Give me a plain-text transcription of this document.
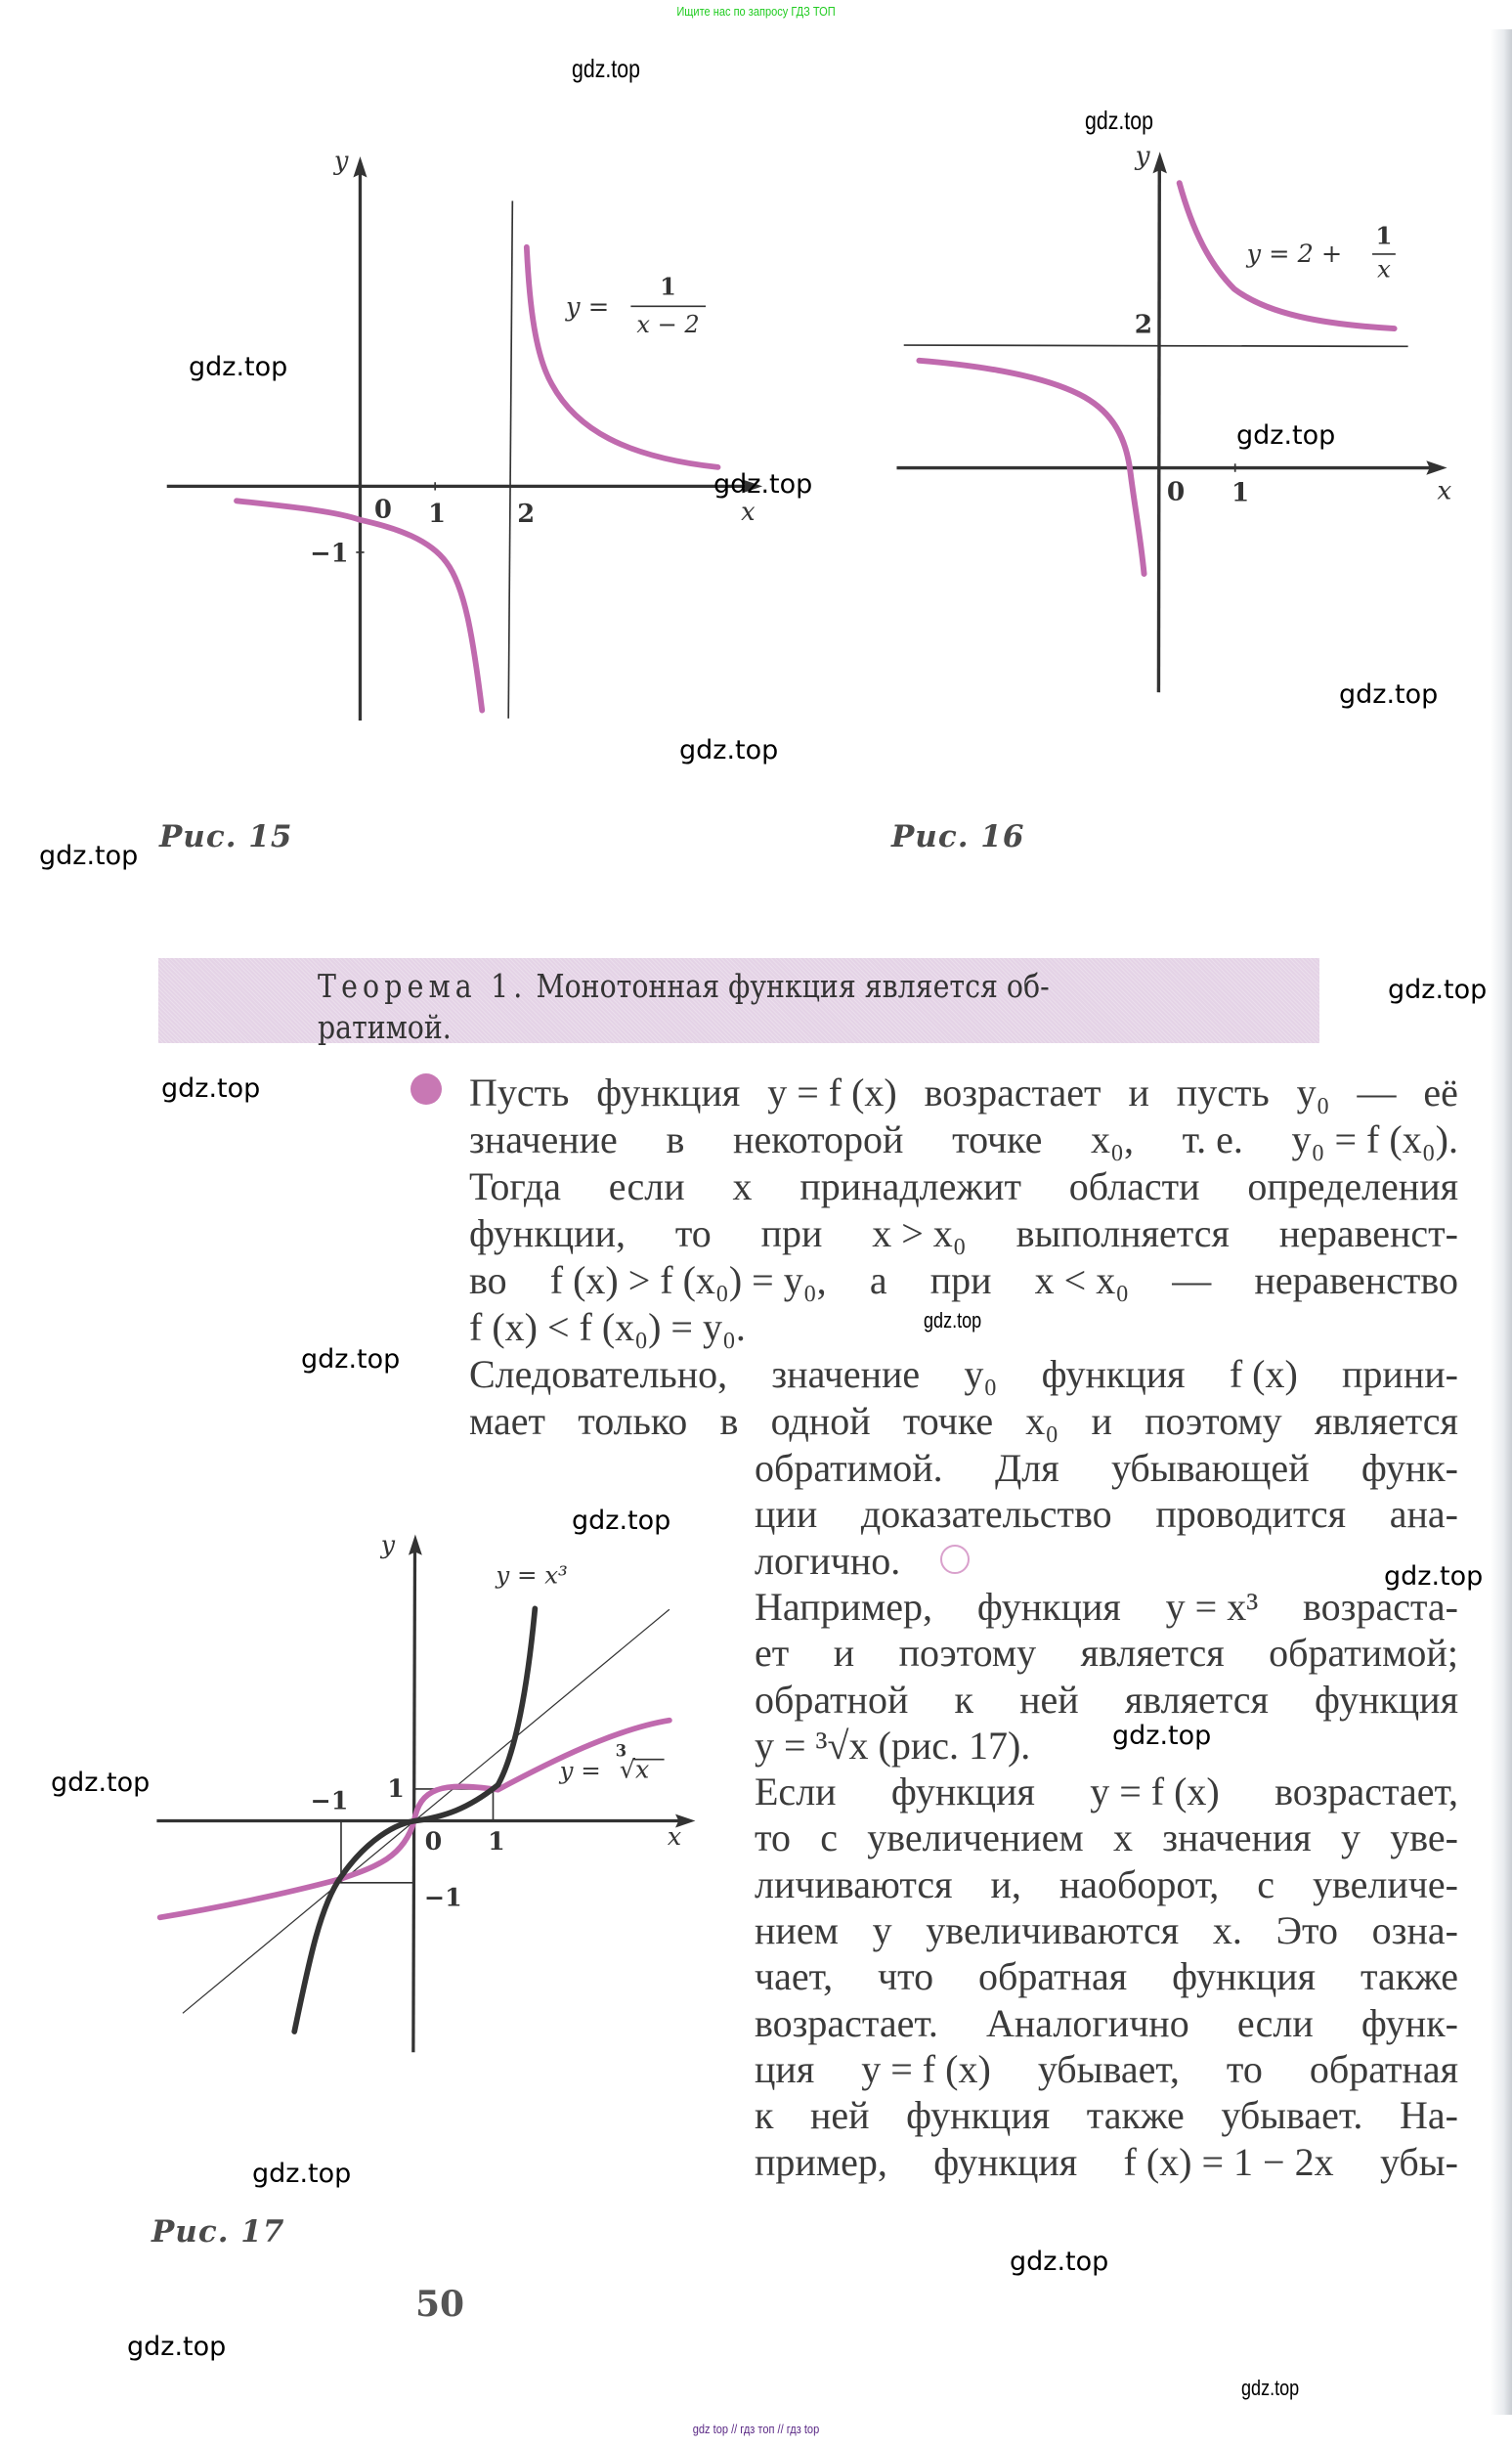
Ищите нас по запросу ГДЗ ТОП
y
x
0 1 2
−1
y =
1
x − 2
Рис. 15
y
x
0 1
2
y = 2 +
1
x
Рис. 16
Теорема 1. Монотонная функция является об-
ратимой.
Пусть функция y = f (x) возрастает и пусть y₀ — её
значение в некоторой точке x₀, т. е. y₀ = f (x₀).
Тогда если x принадлежит области определения
функции, то при x > x₀ выполняется неравенст-
во f (x) > f (x₀) = y₀, а при x < x₀ — неравенство
f (x) < f (x₀) = y₀.
Следовательно, значение y₀ функция f (x) прини-
мает только в одной точке x₀ и поэтому является
обратимой. Для убывающей функ-
ции доказательство проводится ана-
логично.
Например, функция y = x³ возраста-
ет и поэтому является обратимой;
обратной к ней является функция
y = ³√x (рис. 17).
Если функция y = f (x) возрастает,
то с увеличением x значения y уве-
личиваются и, наоборот, с увеличе-
нием y увеличиваются x. Это озна-
чает, что обратная функция также
возрастает. Аналогично если функ-
ция y = f (x) убывает, то обратная
к ней функция также убывает. На-
пример, функция f (x) = 1 − 2x убы-
y
x
0 1
1
−1
−1
y = x³
y =
3
√x
Рис. 17
50
gdz.top
gdz.top
gdz.top
gdz.top
gdz.top
gdz.top
gdz.top
gdz.top
gdz.top
gdz.top
gdz.top
gdz.top
gdz.top
gdz.top
gdz.top
gdz.top
gdz.top
gdz.top
gdz.top
gdz.top
gdz top // гдз топ // гдз top
